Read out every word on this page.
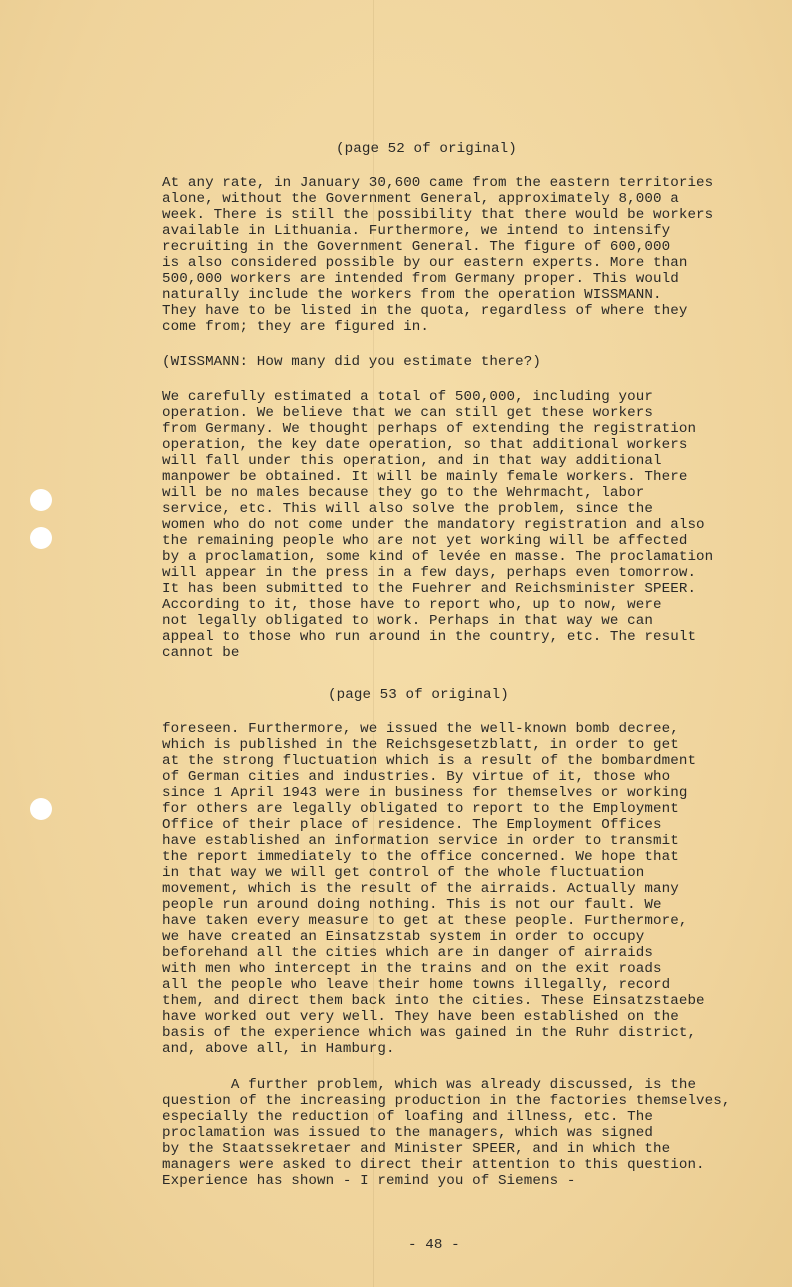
(page 52 of original)
At any rate, in January 30,600 came from the eastern territories
alone, without the Government General, approximately 8,000 a
week. There is still the possibility that there would be workers
available in Lithuania. Furthermore, we intend to intensify
recruiting in the Government General. The figure of 600,000
is also considered possible by our eastern experts. More than
500,000 workers are intended from Germany proper. This would
naturally include the workers from the operation WISSMANN.
They have to be listed in the quota, regardless of where they
come from; they are figured in.
(WISSMANN: How many did you estimate there?)
We carefully estimated a total of 500,000, including your
operation. We believe that we can still get these workers
from Germany. We thought perhaps of extending the registration
operation, the key date operation, so that additional workers
will fall under this operation, and in that way additional
manpower be obtained. It will be mainly female workers. There
will be no males because they go to the Wehrmacht, labor
service, etc. This will also solve the problem, since the
women who do not come under the mandatory registration and also
the remaining people who are not yet working will be affected
by a proclamation, some kind of levée en masse. The proclamation
will appear in the press in a few days, perhaps even tomorrow.
It has been submitted to the Fuehrer and Reichsminister SPEER.
According to it, those have to report who, up to now, were
not legally obligated to work. Perhaps in that way we can
appeal to those who run around in the country, etc. The result
cannot be
(page 53 of original)
foreseen. Furthermore, we issued the well-known bomb decree,
which is published in the Reichsgesetzblatt, in order to get
at the strong fluctuation which is a result of the bombardment
of German cities and industries. By virtue of it, those who
since 1 April 1943 were in business for themselves or working
for others are legally obligated to report to the Employment
Office of their place of residence. The Employment Offices
have established an information service in order to transmit
the report immediately to the office concerned. We hope that
in that way we will get control of the whole fluctuation
movement, which is the result of the airraids. Actually many
people run around doing nothing. This is not our fault. We
have taken every measure to get at these people. Furthermore,
we have created an Einsatzstab system in order to occupy
beforehand all the cities which are in danger of airraids
with men who intercept in the trains and on the exit roads
all the people who leave their home towns illegally, record
them, and direct them back into the cities. These Einsatzstaebe
have worked out very well. They have been established on the
basis of the experience which was gained in the Ruhr district,
and, above all, in Hamburg.
A further problem, which was already discussed, is the
question of the increasing production in the factories themselves,
especially the reduction of loafing and illness, etc. The
proclamation was issued to the managers, which was signed
by the Staatssekretaer and Minister SPEER, and in which the
managers were asked to direct their attention to this question.
Experience has shown - I remind you of Siemens -
- 48 -
